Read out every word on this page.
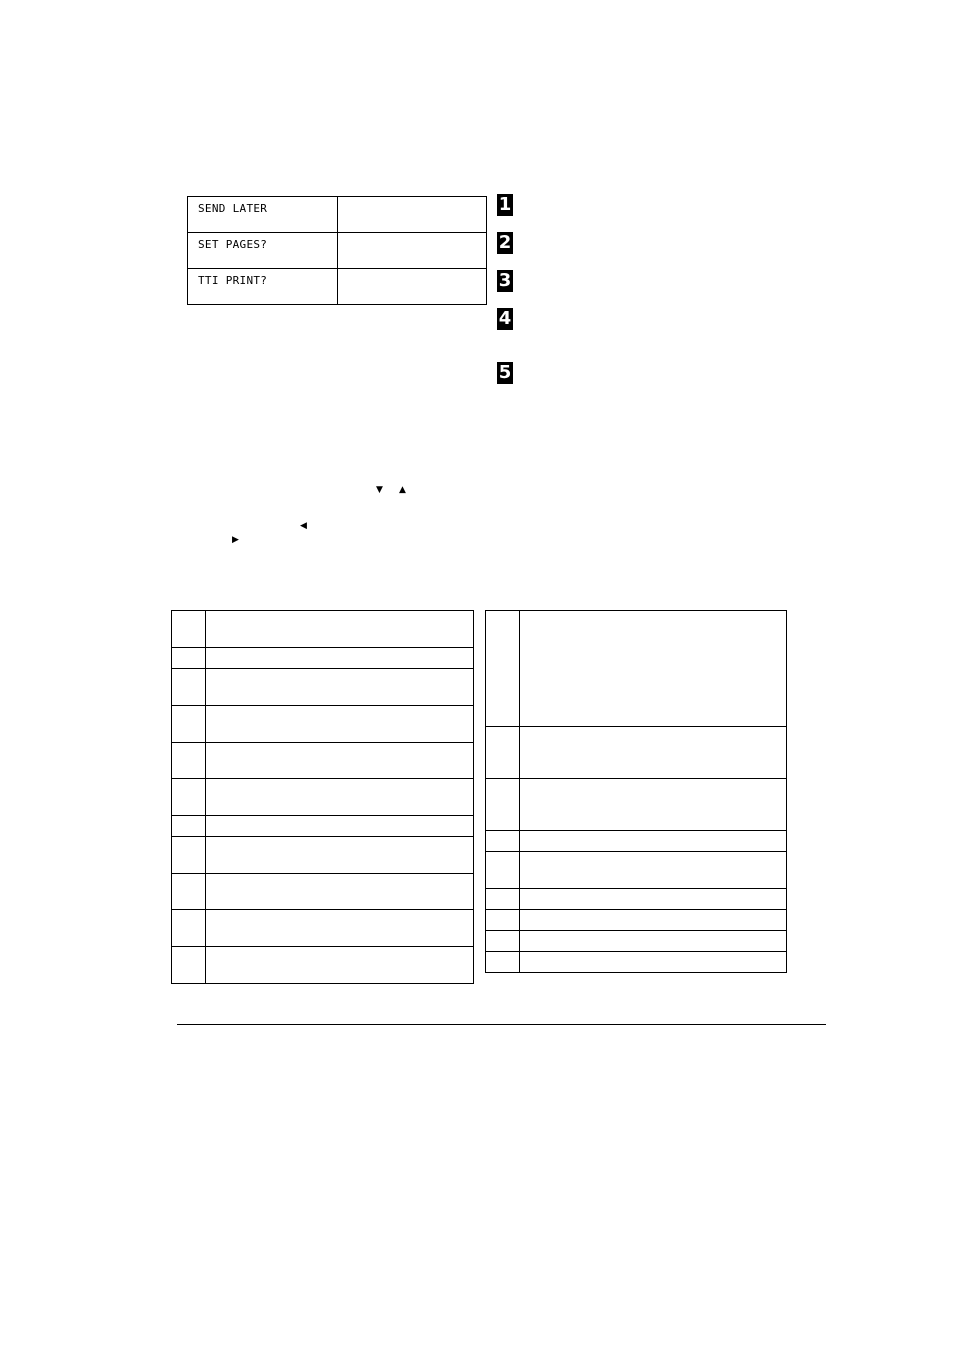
SEND LATER	
SET PAGES?	
TTI PRINT?	
1
2
3
4
5
▼ ▲
◀
▶
